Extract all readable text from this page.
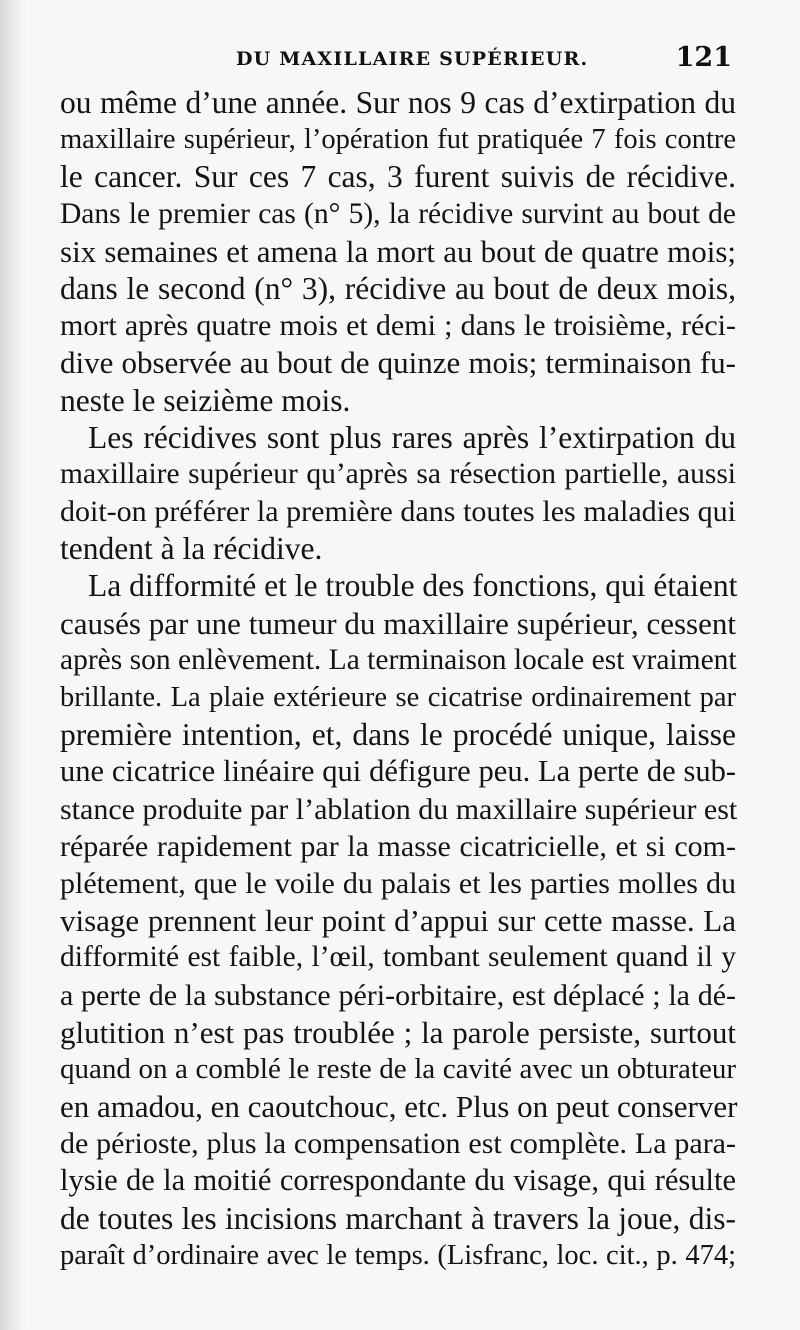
DU MAXILLAIRE SUPÉRIEUR.	121
ou même d’une année. Sur nos 9 cas d’extirpation du
maxillaire supérieur, l’opération fut pratiquée 7 fois contre
le cancer. Sur ces 7 cas, 3 furent suivis de récidive.
Dans le premier cas (n° 5), la récidive survint au bout de
six semaines et amena la mort au bout de quatre mois;
dans le second (n° 3), récidive au bout de deux mois,
mort après quatre mois et demi ; dans le troisième, réci-
dive observée au bout de quinze mois; terminaison fu-
neste le seizième mois.
Les récidives sont plus rares après l’extirpation du
maxillaire supérieur qu’après sa résection partielle, aussi
doit-on préférer la première dans toutes les maladies qui
tendent à la récidive.
La difformité et le trouble des fonctions, qui étaient
causés par une tumeur du maxillaire supérieur, cessent
après son enlèvement. La terminaison locale est vraiment
brillante. La plaie extérieure se cicatrise ordinairement par
première intention, et, dans le procédé unique, laisse
une cicatrice linéaire qui défigure peu. La perte de sub-
stance produite par l’ablation du maxillaire supérieur est
réparée rapidement par la masse cicatricielle, et si com-
plétement, que le voile du palais et les parties molles du
visage prennent leur point d’appui sur cette masse. La
difformité est faible, l’œil, tombant seulement quand il y
a perte de la substance péri-orbitaire, est déplacé ; la dé-
glutition n’est pas troublée ; la parole persiste, surtout
quand on a comblé le reste de la cavité avec un obturateur
en amadou, en caoutchouc, etc. Plus on peut conserver
de périoste, plus la compensation est complète. La para-
lysie de la moitié correspondante du visage, qui résulte
de toutes les incisions marchant à travers la joue, dis-
paraît d’ordinaire avec le temps. (Lisfranc, loc. cit., p. 474;
